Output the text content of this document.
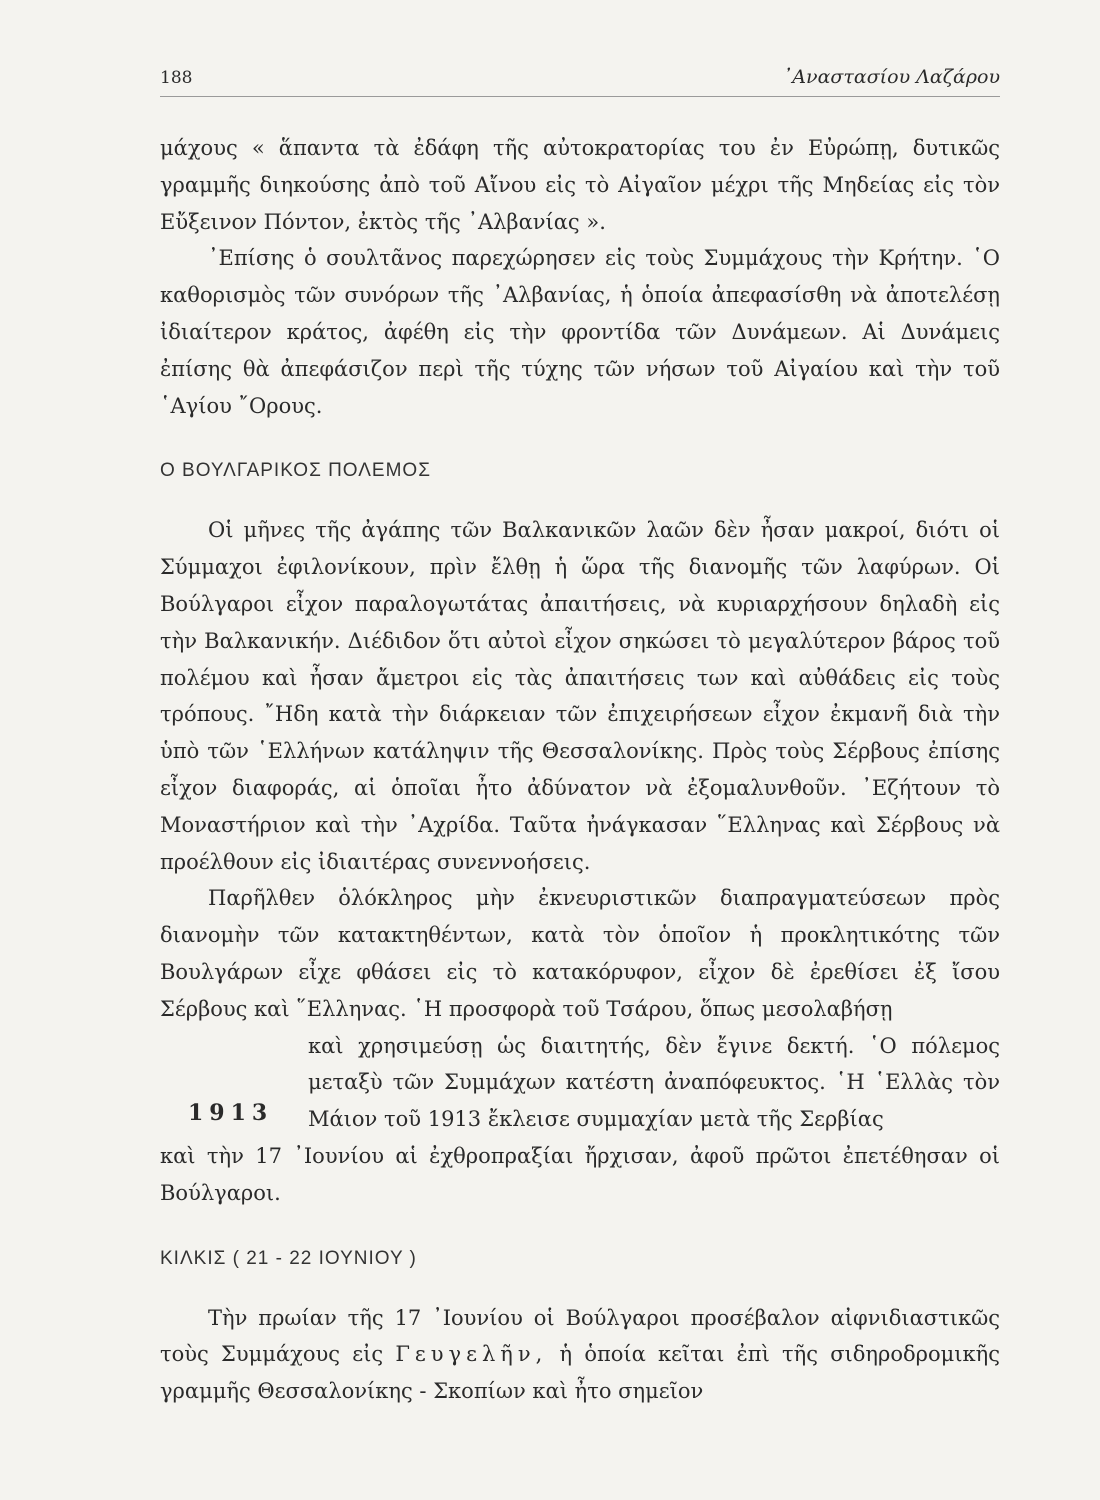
188	᾿Αναστασίου Λαζάρου

μάχους « ἅπαντα τὰ ἐδάφη τῆς αὐτοκρατορίας του ἐν Εὐρώπῃ, δυτικῶς γραμμῆς διηκούσης ἀπὸ τοῦ Αἴνου εἰς τὸ Αἰγαῖον μέχρι τῆς Μηδείας εἰς τὸν Εὔξεινον Πόντον, ἐκτὸς τῆς ᾿Αλβανίας ».

᾿Επίσης ὁ σουλτᾶνος παρεχώρησεν εἰς τοὺς Συμμάχους τὴν Κρήτην. ῾Ο καθορισμὸς τῶν συνόρων τῆς ᾿Αλβανίας, ἡ ὁποία ἀπεφασίσθη νὰ ἀποτελέσῃ ἰδιαίτερον κράτος, ἀφέθη εἰς τὴν φροντίδα τῶν Δυνάμεων. Αἱ Δυνάμεις ἐπίσης θὰ ἀπεφάσιζον περὶ τῆς τύχης τῶν νήσων τοῦ Αἰγαίου καὶ τὴν τοῦ ῾Αγίου ῎Ορους.

Ο ΒΟΥΛΓΑΡΙΚΟΣ ΠΟΛΕΜΟΣ

Οἱ μῆνες τῆς ἀγάπης τῶν Βαλκανικῶν λαῶν δὲν ἦσαν μακροί, διότι οἱ Σύμμαχοι ἐφιλονίκουν, πρὶν ἔλθῃ ἡ ὥρα τῆς διανομῆς τῶν λαφύρων. Οἱ Βούλγαροι εἶχον παραλογωτάτας ἀπαιτήσεις, νὰ κυριαρχήσουν δηλαδὴ εἰς τὴν Βαλκανικήν. Διέδιδον ὅτι αὐτοὶ εἶχον σηκώσει τὸ μεγαλύτερον βάρος τοῦ πολέμου καὶ ἦσαν ἄμετροι εἰς τὰς ἀπαιτήσεις των καὶ αὐθάδεις εἰς τοὺς τρόπους. ῎Ηδη κατὰ τὴν διάρκειαν τῶν ἐπιχειρήσεων εἶχον ἐκμανῆ διὰ τὴν ὑπὸ τῶν ῾Ελλήνων κατάληψιν τῆς Θεσσαλονίκης. Πρὸς τοὺς Σέρβους ἐπίσης εἶχον διαφοράς, αἱ ὁποῖαι ἦτο ἀδύνατον νὰ ἐξομαλυνθοῦν. ᾿Εζήτουν τὸ Μοναστήριον καὶ τὴν ᾿Αχρίδα. Ταῦτα ἠνάγκασαν ῞Ελληνας καὶ Σέρβους νὰ προέλθουν εἰς ἰδιαιτέρας συνεννοήσεις.

Παρῆλθεν ὁλόκληρος μὴν ἐκνευριστικῶν διαπραγματεύσεων πρὸς διανομὴν τῶν κατακτηθέντων, κατὰ τὸν ὁποῖον ἡ προκλητικότης τῶν Βουλγάρων εἶχε φθάσει εἰς τὸ κατακόρυφον, εἶχον δὲ ἐρεθίσει ἐξ ἴσου Σέρβους καὶ ῞Ελληνας. ῾Η προσφορὰ τοῦ Τσάρου, ὅπως μεσολαβήσῃ

1913

καὶ χρησιμεύσῃ ὡς διαιτητής, δὲν ἔγινε δεκτή. ῾Ο πόλεμος μεταξὺ τῶν Συμμάχων κατέστη ἀναπόφευκτος. ῾Η ῾Ελλὰς τὸν Μάιον τοῦ 1913 ἔκλεισε συμμαχίαν μετὰ τῆς Σερβίας

καὶ τὴν 17 ᾿Ιουνίου αἱ ἐχθροπραξίαι ἤρχισαν, ἀφοῦ πρῶτοι ἐπετέθησαν οἱ Βούλγαροι.

ΚΙΛΚΙΣ ( 21 - 22 ΙΟΥΝΙΟΥ )

Τὴν πρωίαν τῆς 17 ᾿Ιουνίου οἱ Βούλγαροι προσέβαλον αἰφνιδιαστικῶς τοὺς Συμμάχους εἰς Γευγελῆν, ἡ ὁποία κεῖται ἐπὶ τῆς σιδηροδρομικῆς γραμμῆς Θεσσαλονίκης - Σκοπίων καὶ ἦτο σημεῖον
